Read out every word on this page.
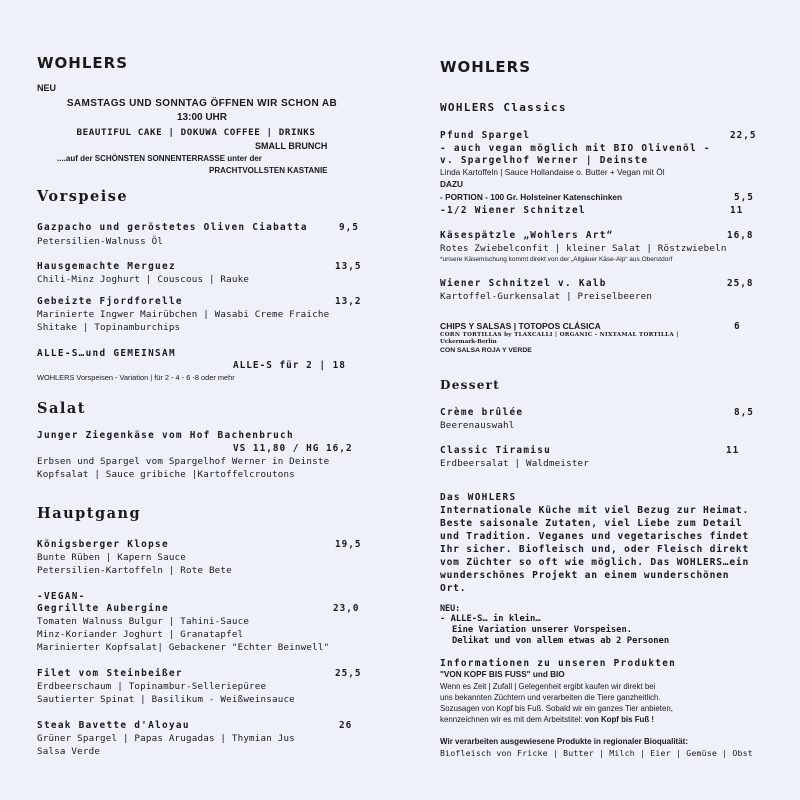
WOHLERS
NEU
SAMSTAGS UND SONNTAG ÖFFNEN WIR SCHON AB
13:00 UHR
BEAUTIFUL CAKE | DOKUWA COFFEE | DRINKS
SMALL BRUNCH
....auf der SCHÖNSTEN SONNENTERRASSE unter der
PRACHTVOLLSTEN KASTANIE
Vorspeise
Gazpacho und geröstetes Oliven Ciabatta	9,5
Petersilien-Walnuss Öl
Hausgemachte Merguez	13,5
Chili-Minz Joghurt | Couscous | Rauke
Gebeizte Fjordforelle	13,2
Marinierte Ingwer Mairübchen | Wasabi Creme Fraiche
Shitake | Topinamburchips
ALLE-S…und GEMEINSAM
ALLE-S für 2 | 18
WOHLERS Vorspeisen - Variation | für 2 - 4 - 6 -8 oder mehr
Salat
Junger Ziegenkäse vom Hof Bachenbruch
VS 11,80 / HG 16,2
Erbsen und Spargel vom Spargelhof Werner in Deinste
Kopfsalat | Sauce gribiche |Kartoffelcroutons
Hauptgang
Königsberger Klopse	19,5
Bunte Rüben | Kapern Sauce
Petersilien-Kartoffeln | Rote Bete
-VEGAN-
Gegrillte Aubergine	23,0
Tomaten Walnuss Bulgur | Tahini-Sauce
Minz-Koriander Joghurt | Granatapfel
Marinierter Kopfsalat| Gebackener "Echter Beinwell"
Filet vom Steinbeißer	25,5
Erdbeerschaum | Topinambur-Selleriepüree
Sautierter Spinat | Basilikum - Weißweinsauce
Steak Bavette d'Aloyau	26
Grüner Spargel | Papas Arugadas | Thymian Jus
Salsa Verde
WOHLERS
WOHLERS Classics
Pfund Spargel	22,5
- auch vegan möglich mit BIO Olivenöl -
v. Spargelhof Werner | Deinste
Linda Kartoffeln | Sauce Hollandaise o. Butter + Vegan mit Öl
DAZU
- PORTION - 100 Gr. Holsteiner Katenschinken	5,5
-1/2 Wiener Schnitzel	11
Käsespätzle „Wohlers Art“	16,8
Rotes Zwiebelconfit | kleiner Salat | Röstzwiebeln
*unsere Käsemischung kommt direkt von der „Allgäuer Käse-Alp“ aus Oberstdorf
Wiener Schnitzel v. Kalb	25,8
Kartoffel-Gurkensalat | Preiselbeeren
CHIPS Y SALSAS | TOTOPOS CLÁSICA	6
CORN TORTILLAS by TLAXCALLI | ORGANIC - NIXTAMAL TORTILLA |
Uckermark-Berlin
CON SALSA ROJA Y VERDE
Dessert
Crème brûlée	8,5
Beerenauswahl
Classic Tiramisu	11
Erdbeersalat | Waldmeister
Das WOHLERS
Internationale Küche mit viel Bezug zur Heimat. Beste saisonale Zutaten, viel Liebe zum Detail und Tradition. Veganes und vegetarisches findet Ihr sicher. Biofleisch und, oder Fleisch direkt vom Züchter so oft wie möglich. Das WOHLERS…ein wunderschönes Projekt an einem wunderschönen Ort.
NEU:
- ALLE-S… in klein…
Eine Variation unserer Vorspeisen.
Delikat und von allem etwas ab 2 Personen
Informationen zu unseren Produkten
"VON KOPF BIS FUSS" und BIO
Wenn es Zeit | Zufall | Gelegenheit ergibt kaufen wir direkt bei
uns bekannten Züchtern und verarbeiten die Tiere ganzheitlich.
Sozusagen von Kopf bis Fuß. Sobald wir ein ganzes Tier anbieten,
kennzeichnen wir es mit dem Arbeitstitel: von Kopf bis Fuß !
Wir verarbeiten ausgewiesene Produkte in regionaler Bioqualität:
Biofleisch von Fricke | Butter | Milch | Eier | Gemüse | Obst
